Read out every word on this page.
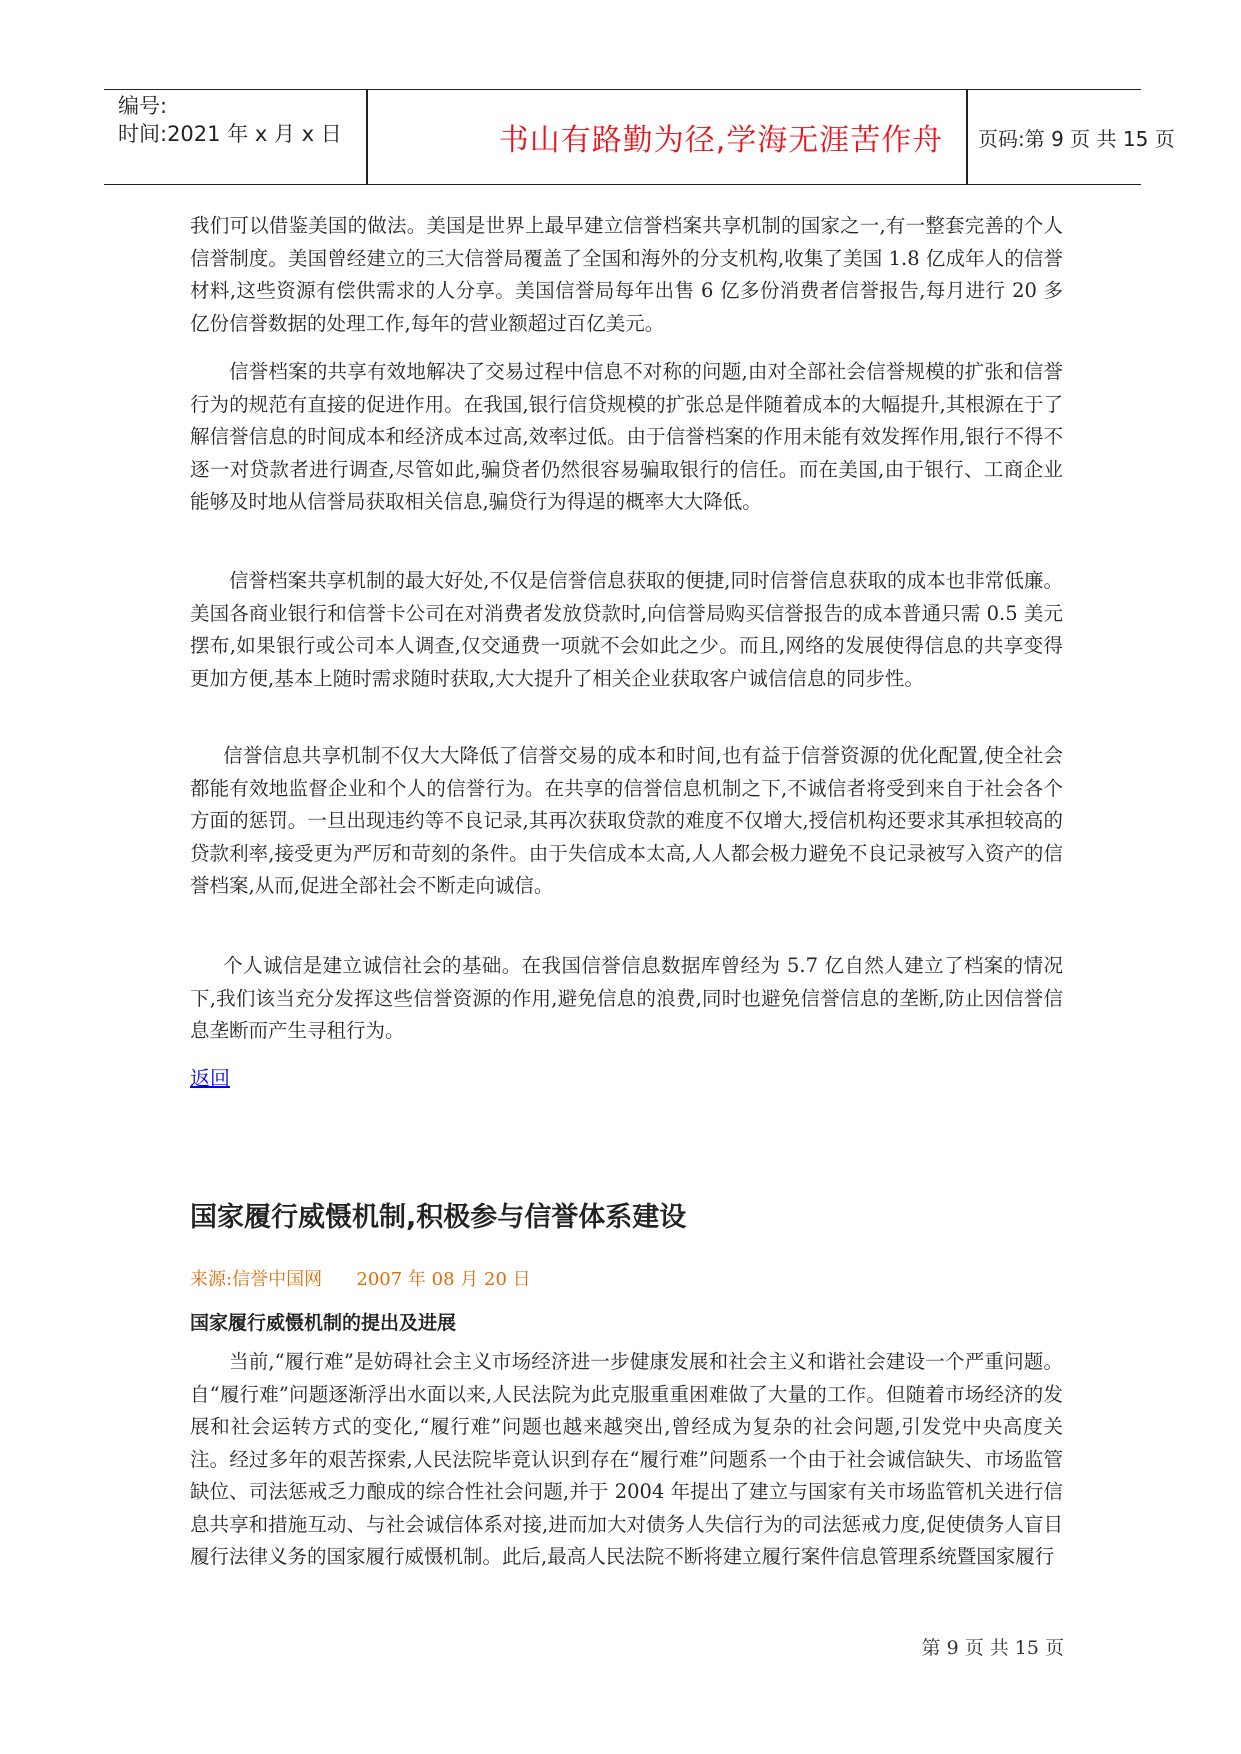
编号:
时间:2021 年 x 月 x 日	书山有路勤为径,学海无涯苦作舟	页码:第 9 页 共 15 页

我们可以借鉴美国的做法。美国是世界上最早建立信誉档案共享机制的国家之一,有一整套完善的个人信誉制度。美国曾经建立的三大信誉局覆盖了全国和海外的分支机构,收集了美国 1.8 亿成年人的信誉材料,这些资源有偿供需求的人分享。美国信誉局每年出售 6 亿多份消费者信誉报告,每月进行 20 多亿份信誉数据的处理工作,每年的营业额超过百亿美元。

信誉档案的共享有效地解决了交易过程中信息不对称的问题,由对全部社会信誉规模的扩张和信誉行为的规范有直接的促进作用。在我国,银行信贷规模的扩张总是伴随着成本的大幅提升,其根源在于了解信誉信息的时间成本和经济成本过高,效率过低。由于信誉档案的作用未能有效发挥作用,银行不得不逐一对贷款者进行调查,尽管如此,骗贷者仍然很容易骗取银行的信任。而在美国,由于银行、工商企业能够及时地从信誉局获取相关信息,骗贷行为得逞的概率大大降低。

信誉档案共享机制的最大好处,不仅是信誉信息获取的便捷,同时信誉信息获取的成本也非常低廉。美国各商业银行和信誉卡公司在对消费者发放贷款时,向信誉局购买信誉报告的成本普通只需 0.5 美元摆布,如果银行或公司本人调查,仅交通费一项就不会如此之少。而且,网络的发展使得信息的共享变得更加方便,基本上随时需求随时获取,大大提升了相关企业获取客户诚信信息的同步性。

信誉信息共享机制不仅大大降低了信誉交易的成本和时间,也有益于信誉资源的优化配置,使全社会都能有效地监督企业和个人的信誉行为。在共享的信誉信息机制之下,不诚信者将受到来自于社会各个方面的惩罚。一旦出现违约等不良记录,其再次获取贷款的难度不仅增大,授信机构还要求其承担较高的贷款利率,接受更为严厉和苛刻的条件。由于失信成本太高,人人都会极力避免不良记录被写入资产的信誉档案,从而,促进全部社会不断走向诚信。

个人诚信是建立诚信社会的基础。在我国信誉信息数据库曾经为 5.7 亿自然人建立了档案的情况下,我们该当充分发挥这些信誉资源的作用,避免信息的浪费,同时也避免信誉信息的垄断,防止因信誉信息垄断而产生寻租行为。

返回
国家履行威慑机制,积极参与信誉体系建设
来源:信誉中国网      2007 年 08 月 20 日
国家履行威慑机制的提出及进展

当前,“履行难”是妨碍社会主义市场经济进一步健康发展和社会主义和谐社会建设一个严重问题。自“履行难”问题逐渐浮出水面以来,人民法院为此克服重重困难做了大量的工作。但随着市场经济的发展和社会运转方式的变化,“履行难”问题也越来越突出,曾经成为复杂的社会问题,引发党中央高度关注。经过多年的艰苦探索,人民法院毕竟认识到存在“履行难”问题系一个由于社会诚信缺失、市场监管缺位、司法惩戒乏力酿成的综合性社会问题,并于 2004 年提出了建立与国家有关市场监管机关进行信息共享和措施互动、与社会诚信体系对接,进而加大对债务人失信行为的司法惩戒力度,促使债务人盲目履行法律义务的国家履行威慑机制。此后,最高人民法院不断将建立履行案件信息管理系统暨国家履行

第 9 页 共 15 页
